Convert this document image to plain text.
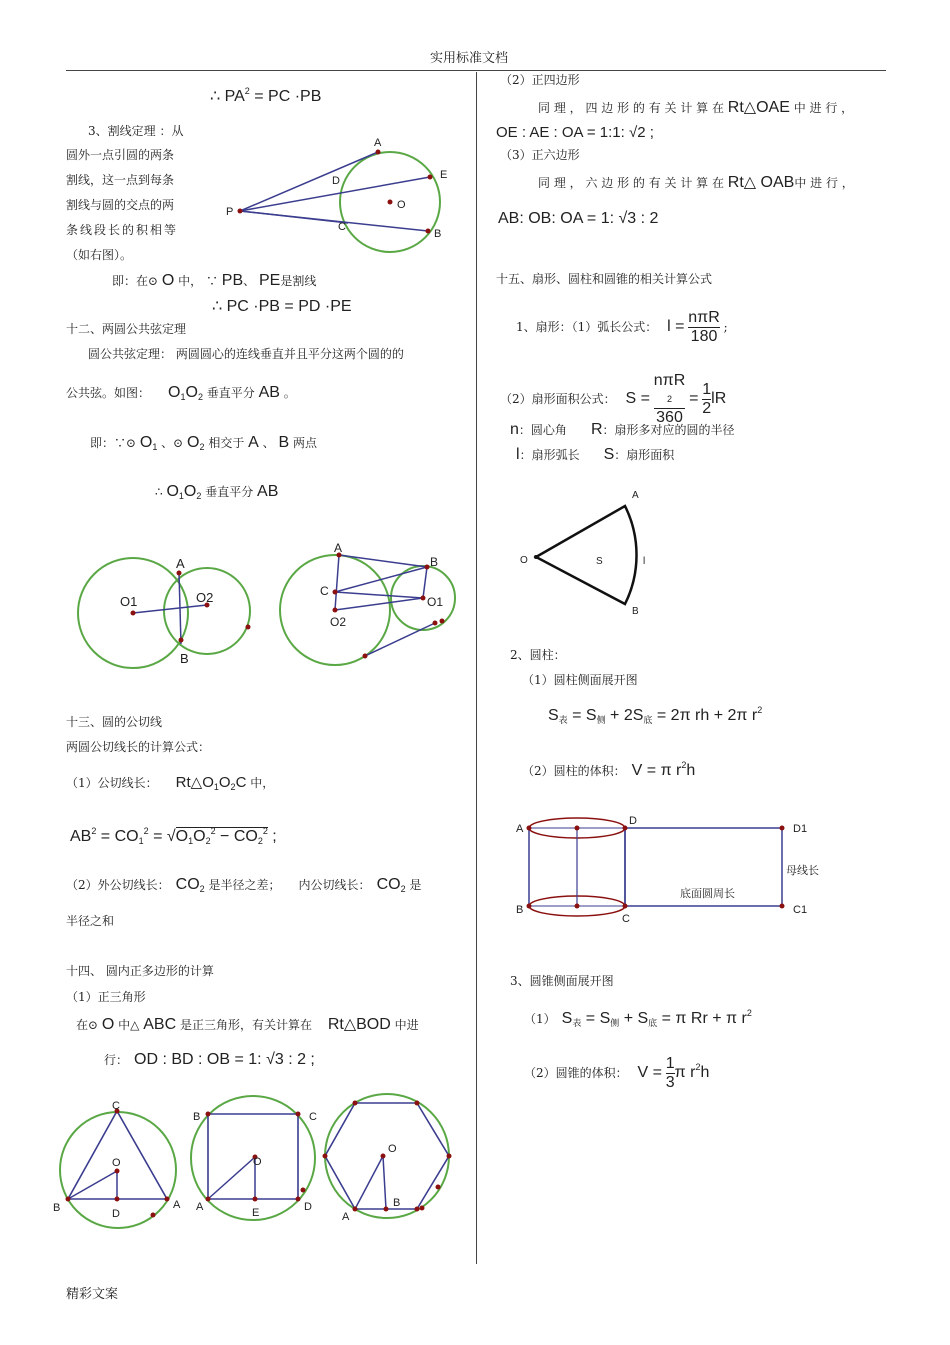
实用标准文档
精彩文案
∴ $PA^2$ = PC ·PB
3、割线定理 ：从
圆外一点引圆的两条
割线，这一点到每条
割线与圆的交点的两
条线段长的积相等
（如右图）。
A
E
D
P
O
C
B
即：在⊙ O 中， ∵ PB、 PE是割线
∴ PC ·PB = PD ·PE
十二、两圆公共弦定理
圆公共弦定理： 两圆圆心的连线垂直并且平分这两个圆的的
公共弦。如图：　　 $O_1O_2$ 垂直平分 AB 。
即：∵⊙ $O_1$ 、⊙ $O_2$ 相交于 A 、 B 两点
∴ $O_1O_2$ 垂直平分 AB
O1	O2
A
B
A
B
C
O1
O2
十三、圆的公切线
两圆公切线长的计算公式：
（1）公切线长：　　 $Rt\triangle O_1O_2C$ 中，
$AB^2 = CO_1^2 = √O_1O_2^2 - CO_2^2$ ;
（2）外公切线长：　 $CO_2$ 是半径之差；　　 内公切线长：　 $CO_2$ 是
半径之和
十四、 圆内正多边形的计算
（1）正三角形
在⊙ O 中△ ABC 是正三角形，有关计算在　 Rt△BOD 中进
行：　 OD : BD : OB = 1: √3 : 2 ;
C
O
B	D
A
B	C
O
A	E	D
O
B
A
（2）正四边形
同 理 ， 四 边 形 的 有 关 计 算 在 Rt△OAE 中 进 行 ，
OE : AE : OA = 1:1: √2 ;
（3）正六边形
同 理 ， 六 边 形 的 有 关 计 算 在 Rt△ OAB中 进 行 ，
AB: OB: OA = 1: √3 : 2
十五、扇形、圆柱和圆锥的相关计算公式
1、扇形：（1）弧长公式：　 $l = \frac{\text{nπR}}{180}$ ;
（2）扇形面积公式：　 S = nπR
2
$360 = \frac{1}{2}$ lR
n：圆心角　　 R：扇形多对应的圆的半径
l：扇形弧长　　 S：扇形面积
O
A
B
S	l
2、圆柱：
（1）圆柱侧面展开图
$S_表 = S_侧 + 2S_底 = 2\pi$ rh + 2π $r^2$
（2）圆柱的体积：　 V = π $r^2h$
A
D
D1
B
C
C1
母线长
底面圆周长
3、圆锥侧面展开图
（1）　 $S_表 = S_侧 + S_底 = \pi$ Rr + π $r^2$
（2）圆锥的体积：　 $V = \frac{1}{3}$ π $r^2h$
